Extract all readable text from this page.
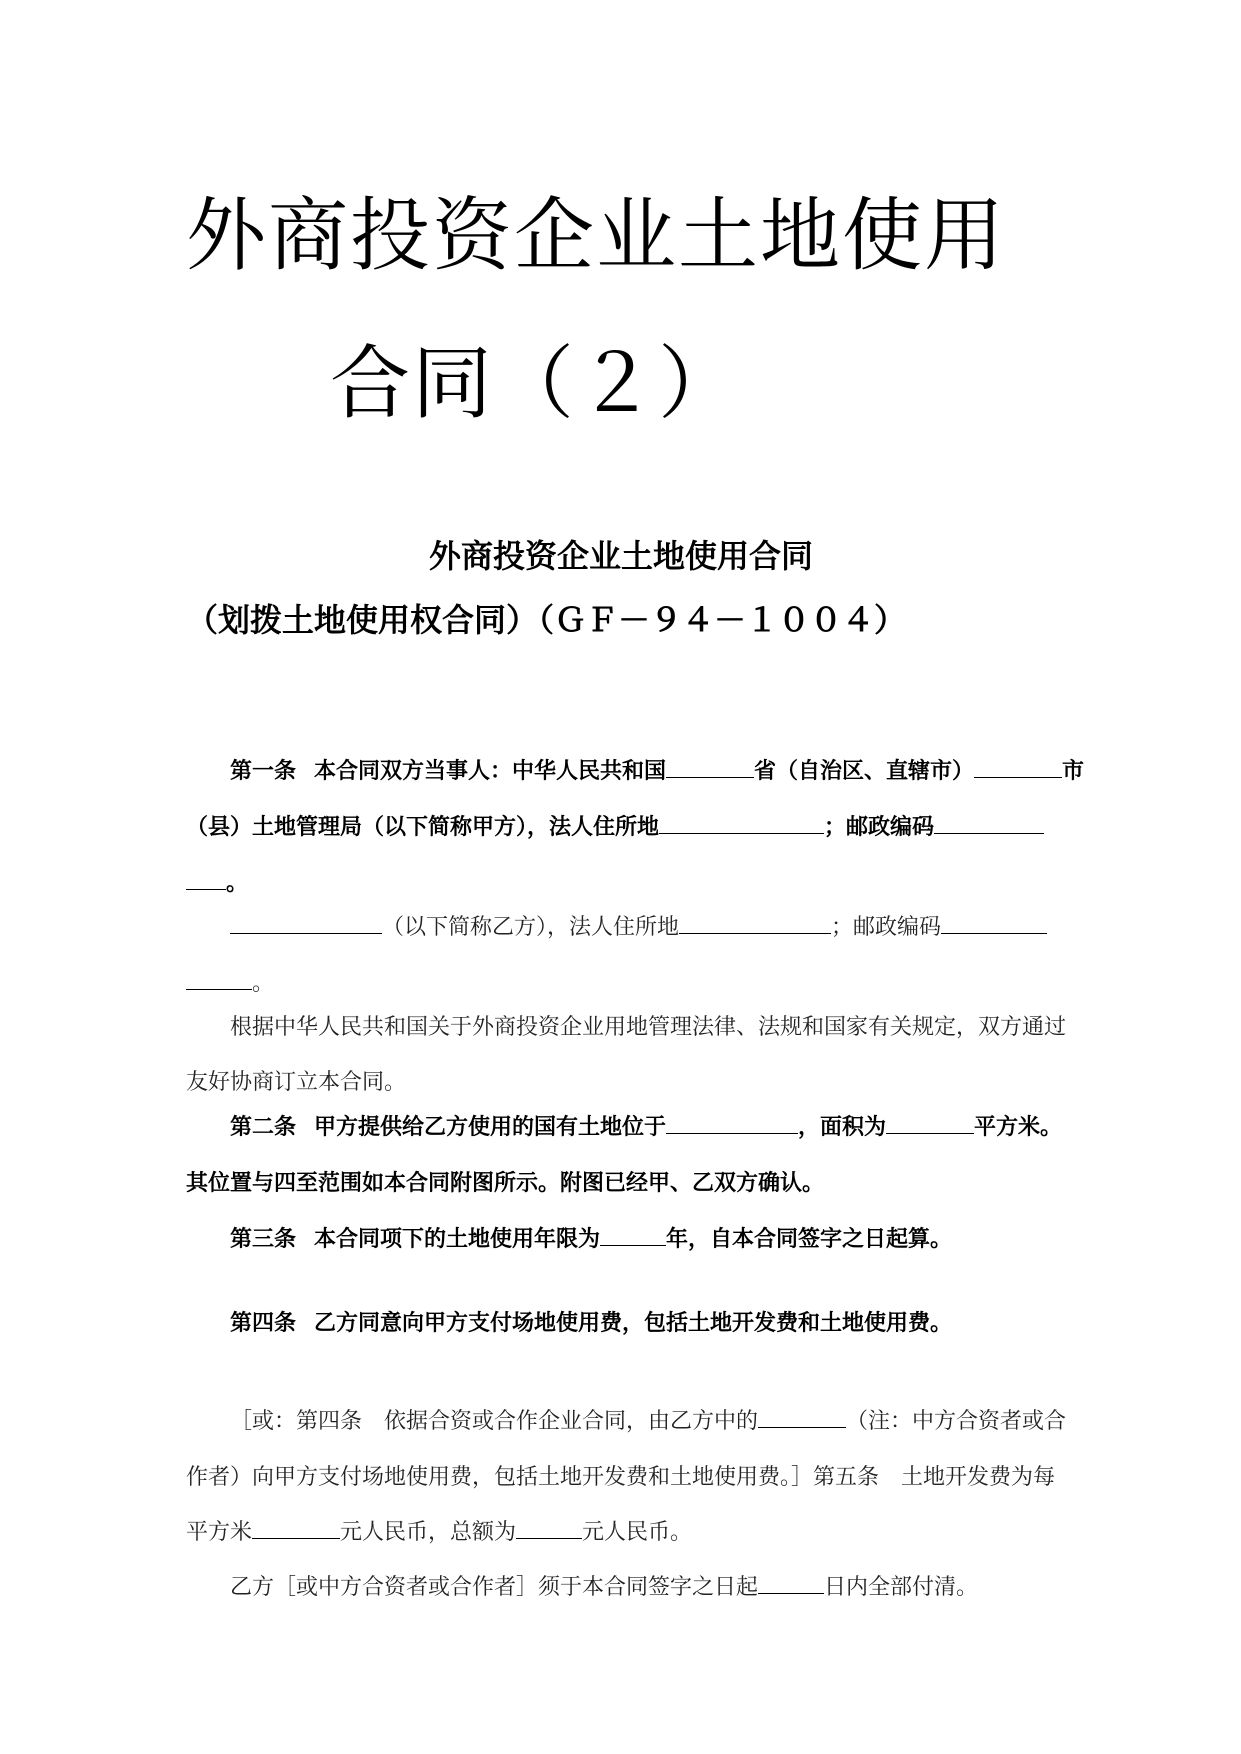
外商投资企业土地使用
合同（２）
外商投资企业土地使用合同
（划拨土地使用权合同）（ＧＦ－９４－１００４）
第一条 本合同双方当事人：中华人民共和国	省（自治区、直辖市）	市
（县）土地管理局（以下简称甲方），法人住所地	；邮政编码
。
（以下简称乙方），法人住所地	；邮政编码
。
根据中华人民共和国关于外商投资企业用地管理法律、法规和国家有关规定，双方通过
友好协商订立本合同。
第二条 甲方提供给乙方使用的国有土地位于	，面积为	平方米。
其位置与四至范围如本合同附图所示。附图已经甲、乙双方确认。
第三条 本合同项下的土地使用年限为	年，自本合同签字之日起算。
第四条 乙方同意向甲方支付场地使用费，包括土地开发费和土地使用费。
［或：第四条　依据合资或合作企业合同，由乙方中的	（注：中方合资者或合
作者）向甲方支付场地使用费，包括土地开发费和土地使用费。］第五条　土地开发费为每
平方米	元人民币，总额为	元人民币。
乙方［或中方合资者或合作者］须于本合同签字之日起	日内全部付清。
